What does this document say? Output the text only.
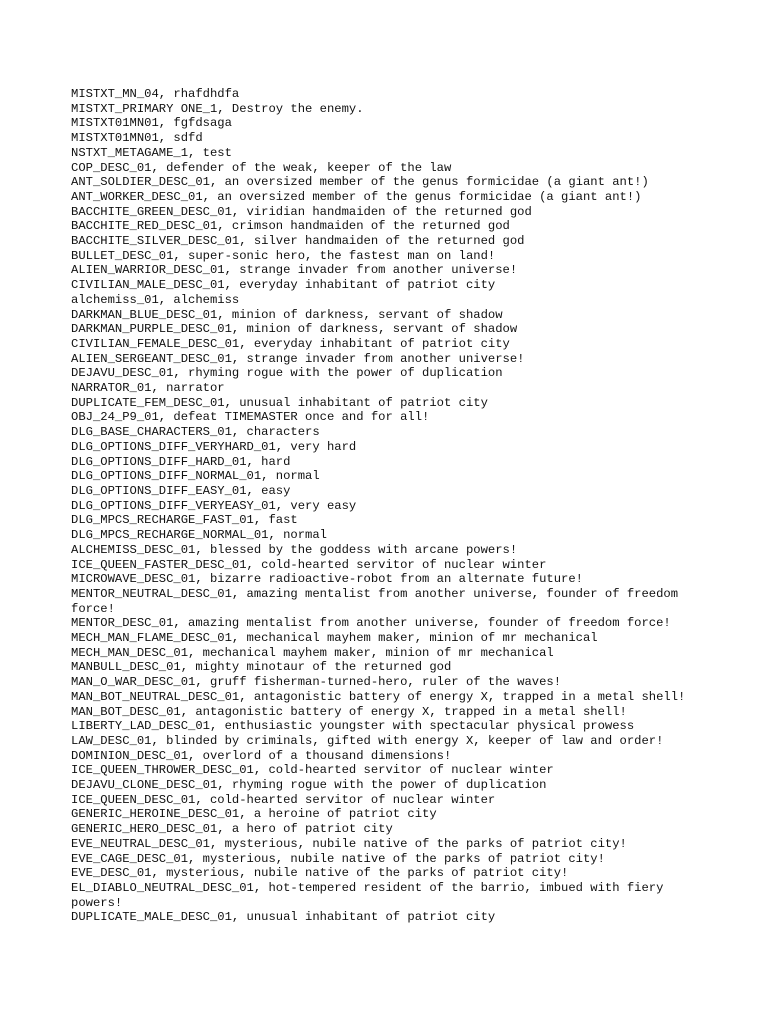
MISTXT_MN_04, rhafdhdfa
MISTXT_PRIMARY ONE_1, Destroy the enemy.
MISTXT01MN01, fgfdsaga
MISTXT01MN01, sdfd
NSTXT_METAGAME_1, test
COP_DESC_01, defender of the weak, keeper of the law
ANT_SOLDIER_DESC_01, an oversized member of the genus formicidae (a giant ant!)
ANT_WORKER_DESC_01, an oversized member of the genus formicidae (a giant ant!)
BACCHITE_GREEN_DESC_01, viridian handmaiden of the returned god
BACCHITE_RED_DESC_01, crimson handmaiden of the returned god
BACCHITE_SILVER_DESC_01, silver handmaiden of the returned god
BULLET_DESC_01, super-sonic hero, the fastest man on land!
ALIEN_WARRIOR_DESC_01, strange invader from another universe!
CIVILIAN_MALE_DESC_01, everyday inhabitant of patriot city
alchemiss_01, alchemiss
DARKMAN_BLUE_DESC_01, minion of darkness, servant of shadow
DARKMAN_PURPLE_DESC_01, minion of darkness, servant of shadow
CIVILIAN_FEMALE_DESC_01, everyday inhabitant of patriot city
ALIEN_SERGEANT_DESC_01, strange invader from another universe!
DEJAVU_DESC_01, rhyming rogue with the power of duplication
NARRATOR_01, narrator
DUPLICATE_FEM_DESC_01, unusual inhabitant of patriot city
OBJ_24_P9_01, defeat TIMEMASTER once and for all!
DLG_BASE_CHARACTERS_01, characters
DLG_OPTIONS_DIFF_VERYHARD_01, very hard
DLG_OPTIONS_DIFF_HARD_01, hard
DLG_OPTIONS_DIFF_NORMAL_01, normal
DLG_OPTIONS_DIFF_EASY_01, easy
DLG_OPTIONS_DIFF_VERYEASY_01, very easy
DLG_MPCS_RECHARGE_FAST_01, fast
DLG_MPCS_RECHARGE_NORMAL_01, normal
ALCHEMISS_DESC_01, blessed by the goddess with arcane powers!
ICE_QUEEN_FASTER_DESC_01, cold-hearted servitor of nuclear winter
MICROWAVE_DESC_01, bizarre radioactive-robot from an alternate future!
MENTOR_NEUTRAL_DESC_01, amazing mentalist from another universe, founder of freedom force!
MENTOR_DESC_01, amazing mentalist from another universe, founder of freedom force!
MECH_MAN_FLAME_DESC_01, mechanical mayhem maker, minion of mr mechanical
MECH_MAN_DESC_01, mechanical mayhem maker, minion of mr mechanical
MANBULL_DESC_01, mighty minotaur of the returned god
MAN_O_WAR_DESC_01, gruff fisherman-turned-hero, ruler of the waves!
MAN_BOT_NEUTRAL_DESC_01, antagonistic battery of energy X, trapped in a metal shell!
MAN_BOT_DESC_01, antagonistic battery of energy X, trapped in a metal shell!
LIBERTY_LAD_DESC_01, enthusiastic youngster with spectacular physical prowess
LAW_DESC_01, blinded by criminals, gifted with energy X, keeper of law and order!
DOMINION_DESC_01, overlord of a thousand dimensions!
ICE_QUEEN_THROWER_DESC_01, cold-hearted servitor of nuclear winter
DEJAVU_CLONE_DESC_01, rhyming rogue with the power of duplication
ICE_QUEEN_DESC_01, cold-hearted servitor of nuclear winter
GENERIC_HEROINE_DESC_01, a heroine of patriot city
GENERIC_HERO_DESC_01, a hero of patriot city
EVE_NEUTRAL_DESC_01, mysterious, nubile native of the parks of patriot city!
EVE_CAGE_DESC_01, mysterious, nubile native of the parks of patriot city!
EVE_DESC_01, mysterious, nubile native of the parks of patriot city!
EL_DIABLO_NEUTRAL_DESC_01, hot-tempered resident of the barrio, imbued with fiery powers!
DUPLICATE_MALE_DESC_01, unusual inhabitant of patriot city
